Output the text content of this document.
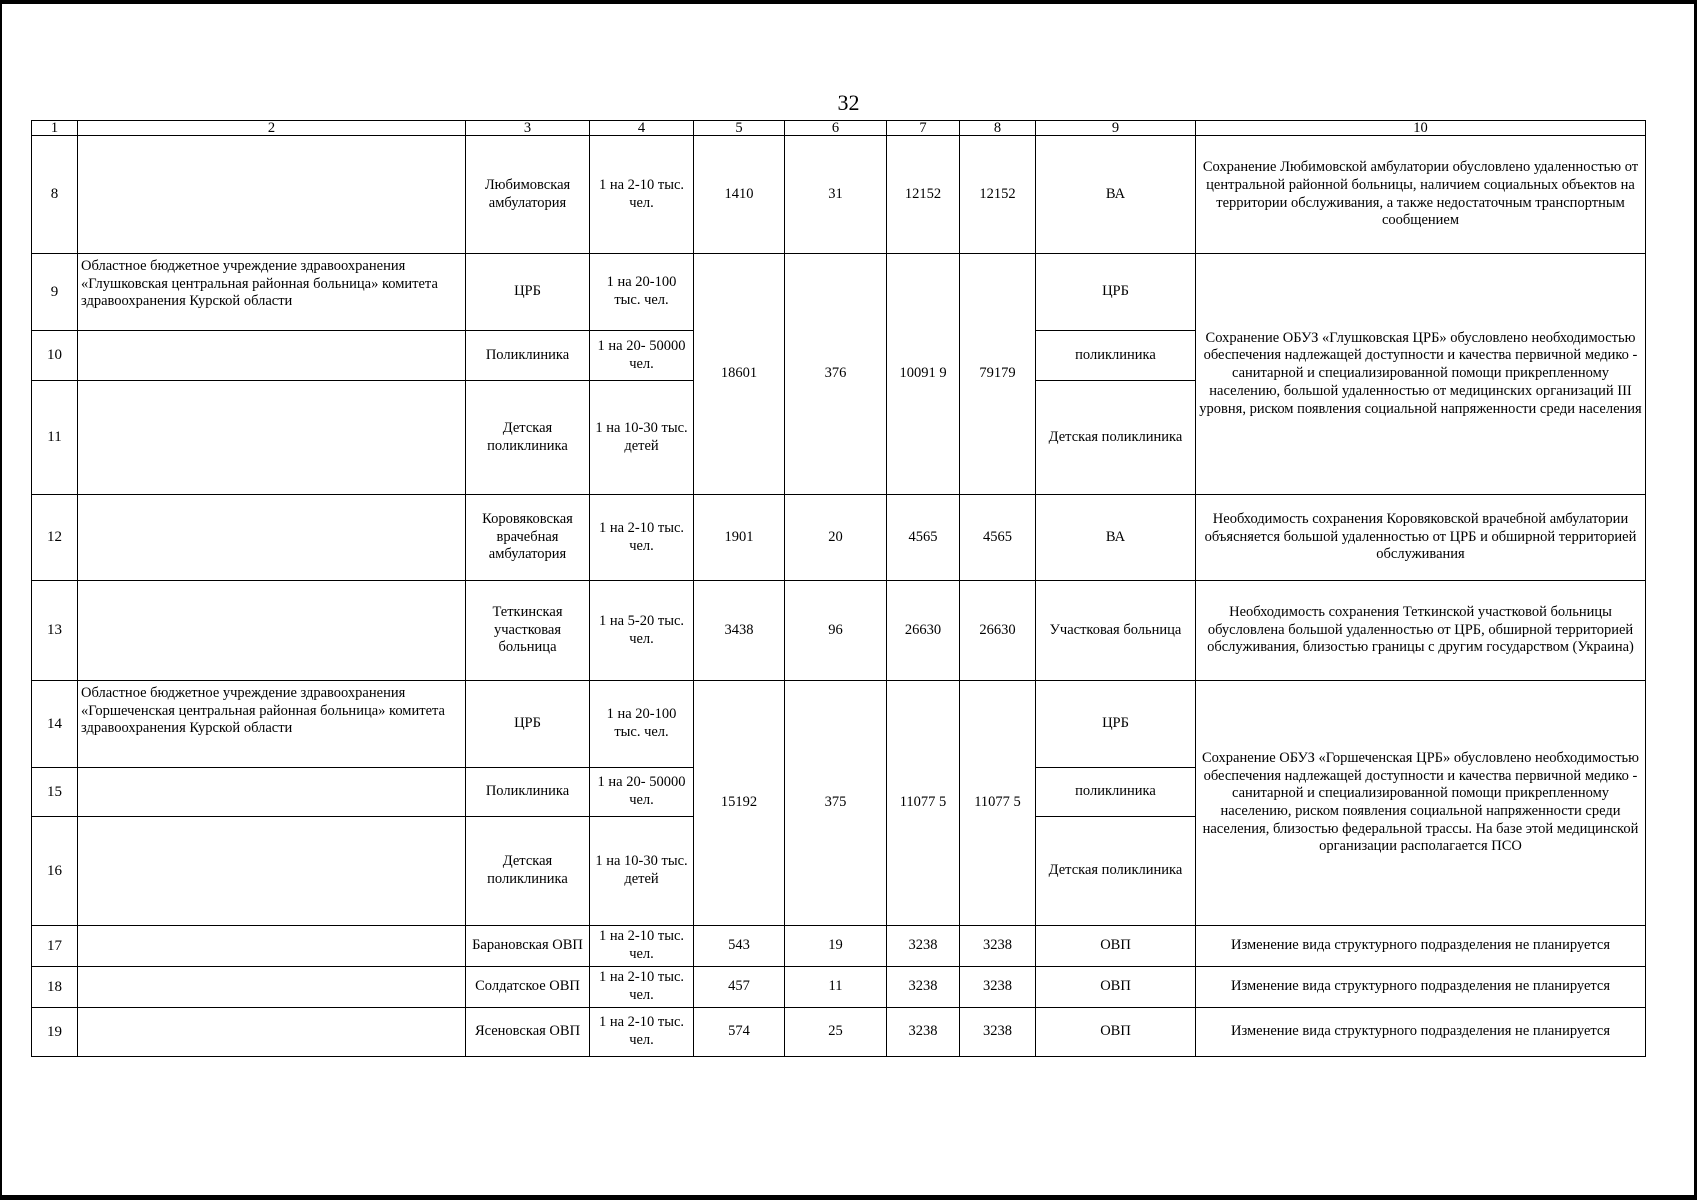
32
1	2	3	4	5	6	7	8	9	10
8		Любимовская амбулатория	1 на 2-10 тыс. чел.	1410	31	12152	12152	ВА	Сохранение Любимовской амбулатории обусловлено удаленностью от центральной районной больницы, наличием социальных объектов на территории обслуживания, а также недостаточным транспортным сообщением
9	Областное бюджетное учреждение здравоохранения «Глушковская центральная районная больница» комитета здравоохранения Курской области	ЦРБ	1 на 20-100 тыс. чел.	18601	376	10091 9	79179	ЦРБ	Сохранение ОБУЗ «Глушковская ЦРБ» обусловлено необходимостью обеспечения надлежащей доступности и качества первичной медико - санитарной и специализированной помощи прикрепленному населению, большой удаленностью от медицинских организаций III уровня, риском появления социальной напряженности среди населения
10		Поликлиника	1 на 20- 50000 чел.					поликлиника	
11		Детская поликлиника	1 на 10-30 тыс. детей					Детская поликлиника	
12		Коровяковская врачебная амбулатория	1 на 2-10 тыс. чел.	1901	20	4565	4565	ВА	Необходимость сохранения Коровяковской врачебной амбулатории объясняется большой удаленностью от ЦРБ и обширной территорией обслуживания
13		Теткинская участковая больница	1 на 5-20 тыс. чел.	3438	96	26630	26630	Участковая больница	Необходимость сохранения Теткинской участковой больницы обусловлена большой удаленностью от ЦРБ, обширной территорией обслуживания, близостью границы с другим государством (Украина)
14	Областное бюджетное учреждение здравоохранения «Горшеченская центральная районная больница» комитета здравоохранения Курской области	ЦРБ	1 на 20-100 тыс. чел.	15192	375	11077 5	11077 5	ЦРБ	Сохранение ОБУЗ «Горшеченская ЦРБ» обусловлено необходимостью обеспечения надлежащей доступности и качества первичной медико - санитарной и специализированной помощи прикрепленному населению, риском появления социальной напряженности среди населения, близостью федеральной трассы. На базе этой медицинской организации располагается ПСО
15		Поликлиника	1 на 20- 50000 чел.					поликлиника	
16		Детская поликлиника	1 на 10-30 тыс. детей					Детская поликлиника	
17		Барановская ОВП	1 на 2-10 тыс. чел.	543	19	3238	3238	ОВП	Изменение вида структурного подразделения не планируется
18		Солдатское ОВП	1 на 2-10 тыс. чел.	457	11	3238	3238	ОВП	Изменение вида структурного подразделения не планируется
19		Ясеновская ОВП	1 на 2-10 тыс. чел.	574	25	3238	3238	ОВП	Изменение вида структурного подразделения не планируется
